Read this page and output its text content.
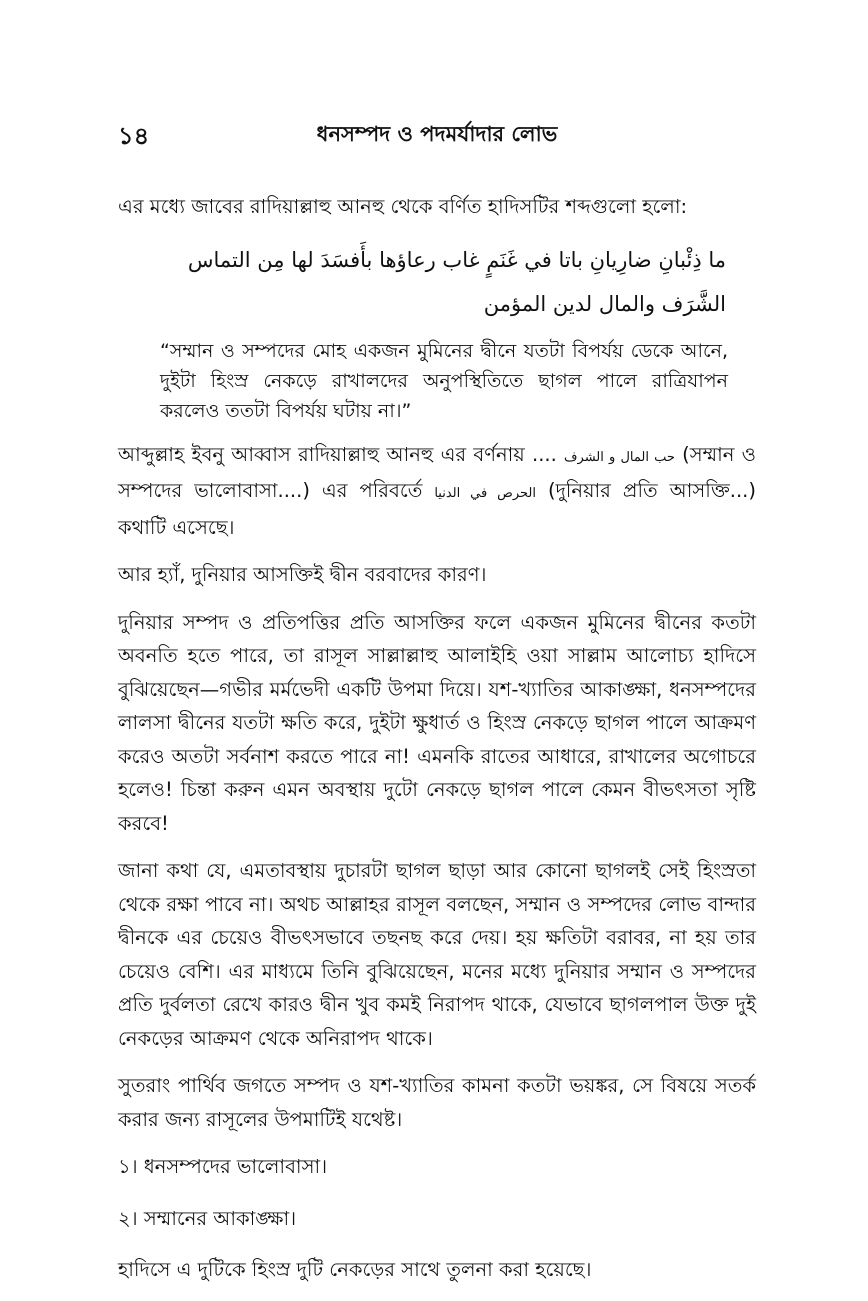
১৪	ধনসম্পদ ও পদমর্যাদার লোভ

এর মধ্যে জাবের রাদিয়াল্লাহু আনহু থেকে বর্ণিত হাদিসটির শব্দগুলো হলো:

ما ذِئْبانِ ضارِيانِ باتا في غَنَمٍ غاب رعاؤها بأَفسَدَ لها مِن التماس
الشَّرَف والمال لدين المؤمن

“সম্মান ও সম্পদের মোহ একজন মুমিনের দ্বীনে যতটা বিপর্যয় ডেকে আনে, দুইটা হিংস্র নেকড়ে রাখালদের অনুপস্থিতিতে ছাগল পালে রাত্রিযাপন করলেও ততটা বিপর্যয় ঘটায় না।”

আব্দুল্লাহ ইবনু আব্বাস রাদিয়াল্লাহু আনহু এর বর্ণনায় .... حب المال و الشرف (সম্মান ও সম্পদের ভালোবাসা....) এর পরিবর্তে الحرص في الدنيا (দুনিয়ার প্রতি আসক্তি...) কথাটি এসেছে।

আর হ্যাঁ, দুনিয়ার আসক্তিই দ্বীন বরবাদের কারণ।

দুনিয়ার সম্পদ ও প্রতিপত্তির প্রতি আসক্তির ফলে একজন মুমিনের দ্বীনের কতটা অবনতি হতে পারে, তা রাসূল সাল্লাল্লাহু আলাইহি ওয়া সাল্লাম আলোচ্য হাদিসে বুঝিয়েছেন—গভীর মর্মভেদী একটি উপমা দিয়ে। যশ-খ্যাতির আকাঙ্ক্ষা, ধনসম্পদের লালসা দ্বীনের যতটা ক্ষতি করে, দুইটা ক্ষুধার্ত ও হিংস্র নেকড়ে ছাগল পালে আক্রমণ করেও অতটা সর্বনাশ করতে পারে না! এমনকি রাতের আধারে, রাখালের অগোচরে হলেও! চিন্তা করুন এমন অবস্থায় দুটো নেকড়ে ছাগল পালে কেমন বীভৎসতা সৃষ্টি করবে!

জানা কথা যে, এমতাবস্থায় দুচারটা ছাগল ছাড়া আর কোনো ছাগলই সেই হিংস্রতা থেকে রক্ষা পাবে না। অথচ আল্লাহর রাসূল বলছেন, সম্মান ও সম্পদের লোভ বান্দার দ্বীনকে এর চেয়েও বীভৎসভাবে তছনছ করে দেয়। হয় ক্ষতিটা বরাবর, না হয় তার চেয়েও বেশি। এর মাধ্যমে তিনি বুঝিয়েছেন, মনের মধ্যে দুনিয়ার সম্মান ও সম্পদের প্রতি দুর্বলতা রেখে কারও দ্বীন খুব কমই নিরাপদ থাকে, যেভাবে ছাগলপাল উক্ত দুই নেকড়ের আক্রমণ থেকে অনিরাপদ থাকে।

সুতরাং পার্থিব জগতে সম্পদ ও যশ-খ্যাতির কামনা কতটা ভয়ঙ্কর, সে বিষয়ে সতর্ক করার জন্য রাসূলের উপমাটিই যথেষ্ট।

১। ধনসম্পদের ভালোবাসা।

২। সম্মানের আকাঙ্ক্ষা।

হাদিসে এ দুটিকে হিংস্র দুটি নেকড়ের সাথে তুলনা করা হয়েছে।
